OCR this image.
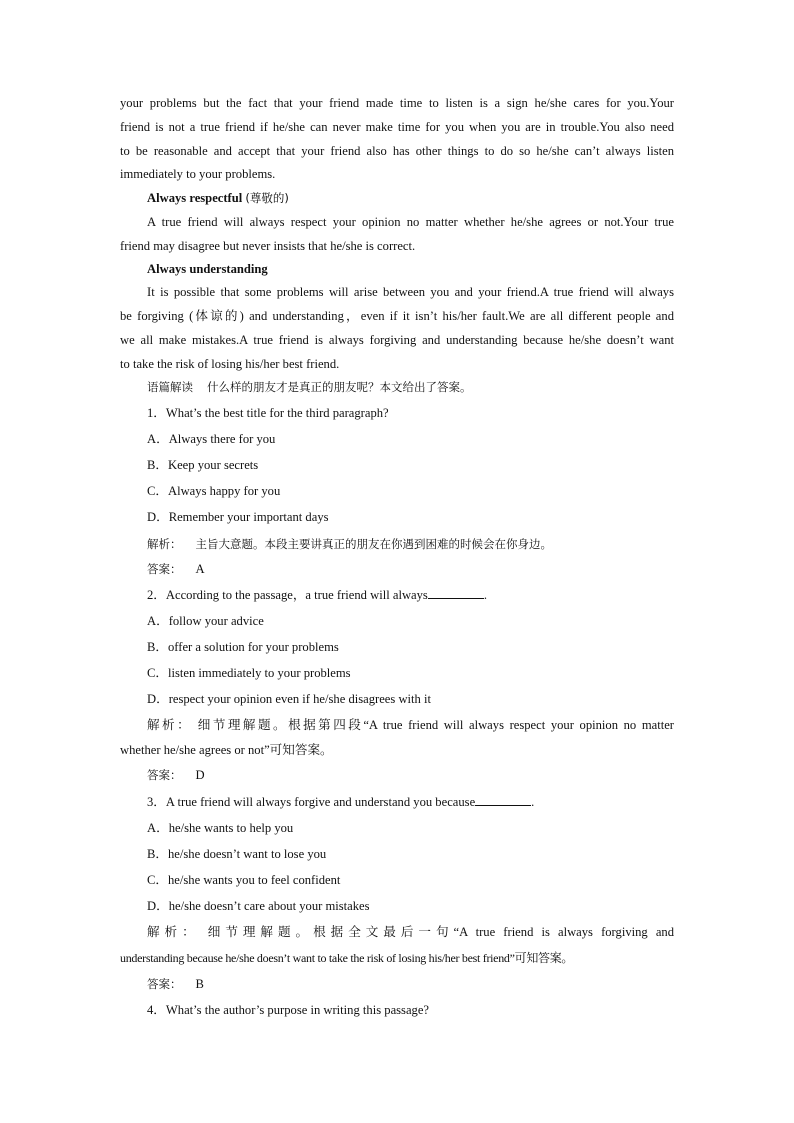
your problems but the fact that your friend made time to listen is a sign he/she cares for you.Your
friend is not a true friend if he/she can never make time for you when you are in trouble.You also need
to be reasonable and accept that your friend also has other things to do so he/she can’t always listen
immediately to your problems.
Always respectful (尊敬的)
A true friend will always respect your opinion no matter whether he/she agrees or not.Your true
friend may disagree but never insists that he/she is correct.
Always understanding
It is possible that some problems will arise between you and your friend.A true friend will always
be forgiving (体谅的) and understanding，even if it isn’t his/her fault.We are all different people and
we all make mistakes.A true friend is always forgiving and understanding because he/she doesn’t want
to take the risk of losing his/her best friend.
语篇解读 什么样的朋友才是真正的朋友呢？本文给出了答案。
1．What’s the best title for the third paragraph?
A．Always there for you
B．Keep your secrets
C．Always happy for you
D．Remember your important days
解析： 主旨大意题。本段主要讲真正的朋友在你遇到困难的时候会在你身边。
答案： A
2．According to the passage，a true friend will always	.
A．follow your advice
B．offer a solution for your problems
C．listen immediately to your problems
D．respect your opinion even if he/she disagrees with it
解析： 细节理解题。根据第四段“A true friend will always respect your opinion no matter
whether he/she agrees or not”可知答案。
答案： D
3．A true friend will always forgive and understand you because	.
A．he/she wants to help you
B．he/she doesn’t want to lose you
C．he/she wants you to feel confident
D．he/she doesn’t care about your mistakes
解析： 细节理解题。根据全文最后一句“A true friend is always forgiving and
understanding because he/she doesn’t want to take the risk of losing his/her best friend”可知答案。
答案： B
4．What’s the author’s purpose in writing this passage?
